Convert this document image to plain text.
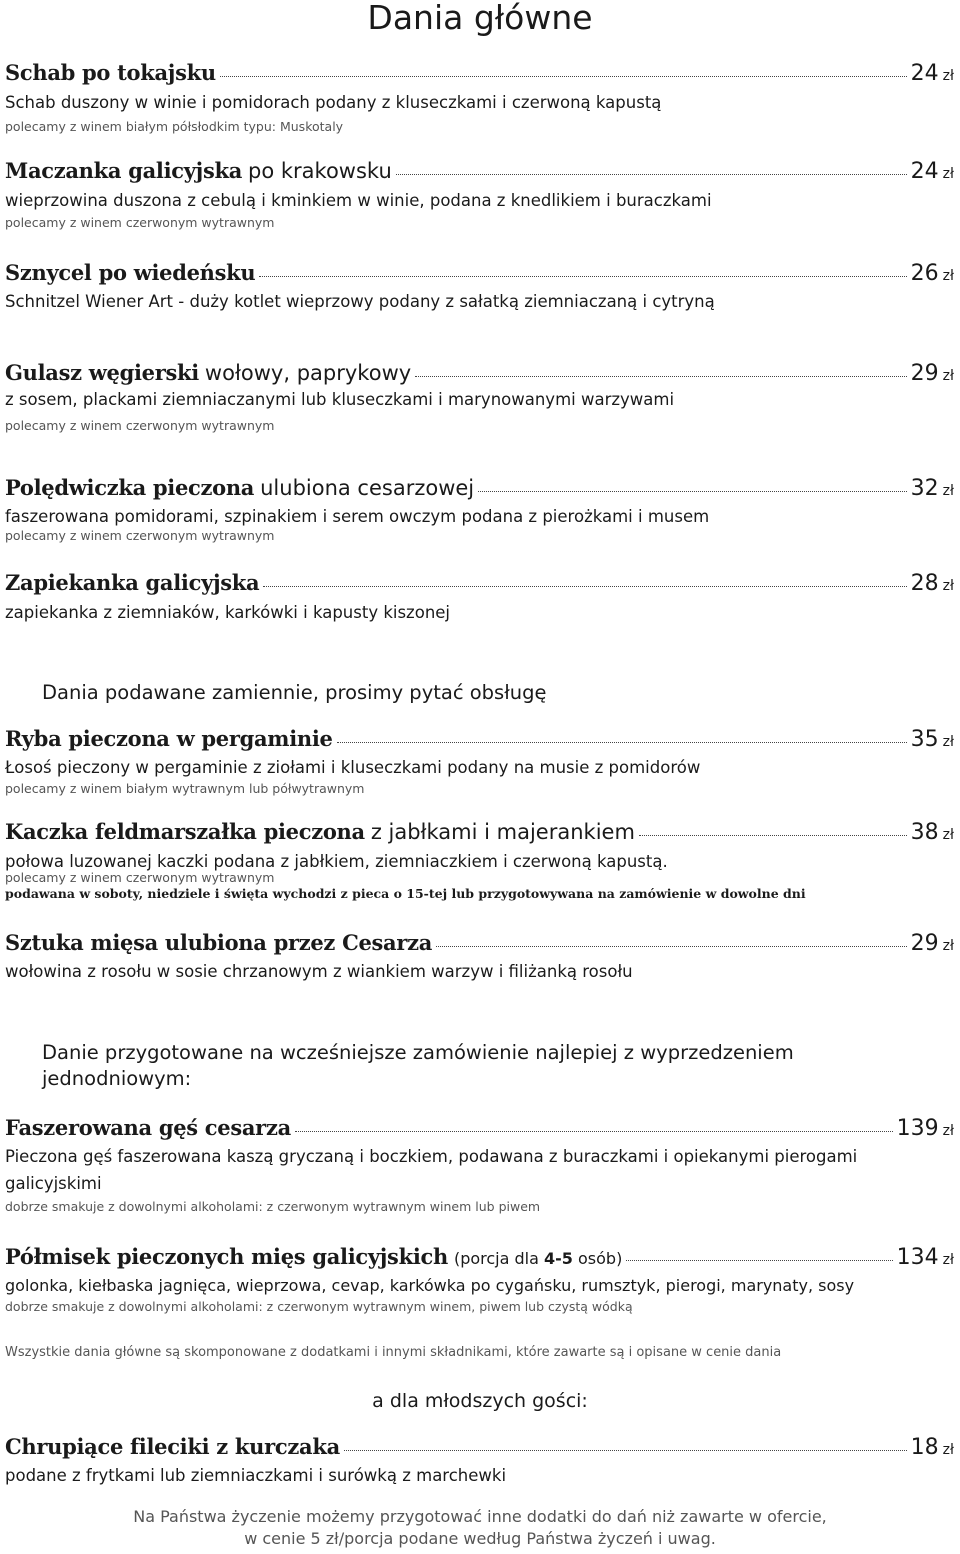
Dania główne
Schab po tokajsku	24 zł
Schab duszony w winie i pomidorach podany z kluseczkami i czerwoną kapustą
polecamy z winem białym półsłodkim typu: Muskotaly
Maczanka galicyjska po krakowsku	24 zł
wieprzowina duszona z cebulą i kminkiem w winie, podana z knedlikiem i buraczkami
polecamy z winem czerwonym wytrawnym
Sznycel po wiedeńsku	26 zł
Schnitzel Wiener Art - duży kotlet wieprzowy podany z sałatką ziemniaczaną i cytryną
Gulasz węgierski wołowy, paprykowy	29 zł
z sosem, plackami ziemniaczanymi lub kluseczkami i marynowanymi warzywami
polecamy z winem czerwonym wytrawnym
Polędwiczka pieczona ulubiona cesarzowej	32 zł
faszerowana pomidorami, szpinakiem i serem owczym podana z pierożkami i musem
polecamy z winem czerwonym wytrawnym
Zapiekanka galicyjska	28 zł
zapiekanka z ziemniaków, karkówki i kapusty kiszonej
Dania podawane zamiennie, prosimy pytać obsługę
Ryba pieczona w pergaminie	35 zł
Łosoś pieczony w pergaminie z ziołami i kluseczkami podany na musie z pomidorów
polecamy z winem białym wytrawnym lub półwytrawnym
Kaczka feldmarszałka pieczona z jabłkami i majerankiem	38 zł
połowa luzowanej kaczki podana z jabłkiem, ziemniaczkiem i czerwoną kapustą.
polecamy z winem czerwonym wytrawnym
podawana w soboty, niedziele i święta wychodzi z pieca o 15-tej lub przygotowywana na zamówienie w dowolne dni
Sztuka mięsa ulubiona przez Cesarza	29 zł
wołowina z rosołu w sosie chrzanowym z wiankiem warzyw i filiżanką rosołu
Danie przygotowane na wcześniejsze zamówienie najlepiej z wyprzedzeniem
jednodniowym:
Faszerowana gęś cesarza	139 zł
Pieczona gęś faszerowana kaszą gryczaną i boczkiem, podawana z buraczkami i opiekanymi pierogami
galicyjskimi
dobrze smakuje z dowolnymi alkoholami: z czerwonym wytrawnym winem lub piwem
Półmisek pieczonych mięs galicyjskich (porcja dla 4-5 osób)	134 zł
golonka, kiełbaska jagnięca, wieprzowa, cevap, karkówka po cygańsku, rumsztyk, pierogi, marynaty, sosy
dobrze smakuje z dowolnymi alkoholami: z czerwonym wytrawnym winem, piwem lub czystą wódką
Wszystkie dania główne są skomponowane z dodatkami i innymi składnikami, które zawarte są i opisane w cenie dania
a dla młodszych gości:
Chrupiące fileciki z kurczaka	18 zł
podane z frytkami lub ziemniaczkami i surówką z marchewki
Na Państwa życzenie możemy przygotować inne dodatki do dań niż zawarte w ofercie,
w cenie 5 zł/porcja podane według Państwa życzeń i uwag.
